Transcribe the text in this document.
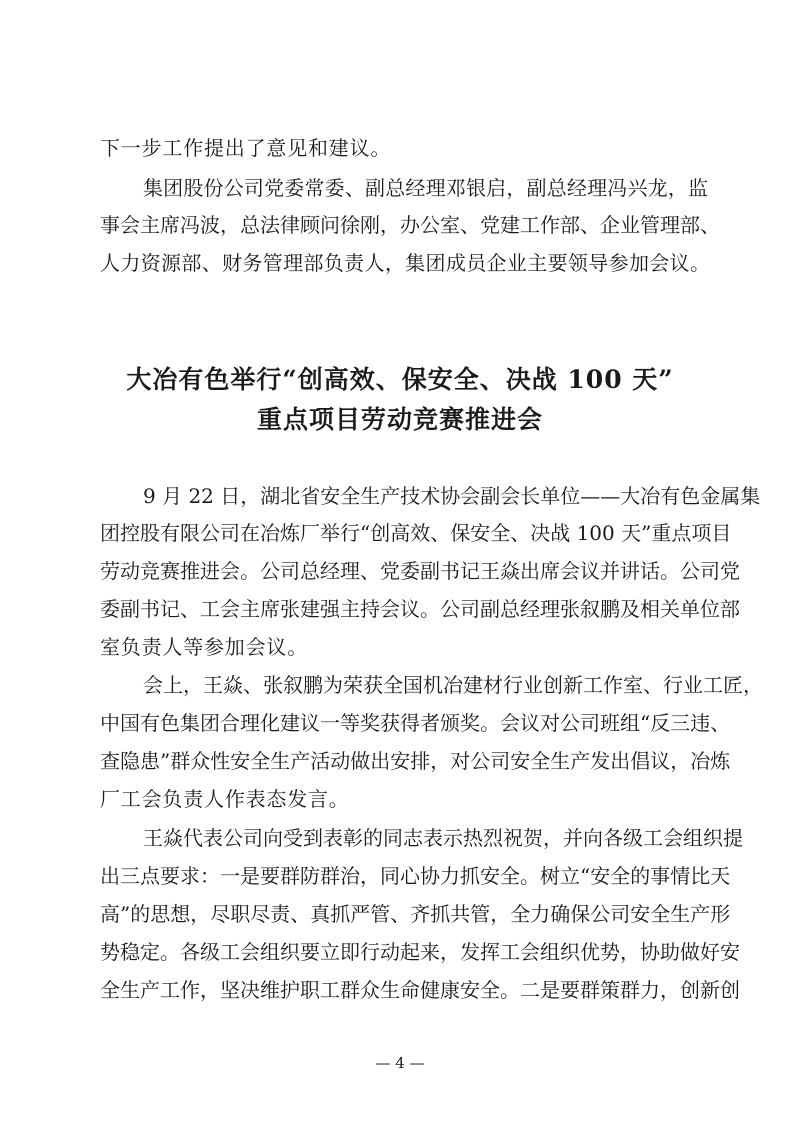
下一步工作提出了意见和建议。
集团股份公司党委常委、副总经理邓银启，副总经理冯兴龙，监
事会主席冯波，总法律顾问徐刚，办公室、党建工作部、企业管理部、
人力资源部、财务管理部负责人，集团成员企业主要领导参加会议。
大冶有色举行“创高效、保安全、决战 100 天”
重点项目劳动竞赛推进会
9 月 22 日，湖北省安全生产技术协会副会长单位——大冶有色金属集
团控股有限公司在冶炼厂举行“创高效、保安全、决战 100 天”重点项目
劳动竞赛推进会。公司总经理、党委副书记王焱出席会议并讲话。公司党
委副书记、工会主席张建强主持会议。公司副总经理张叙鹏及相关单位部
室负责人等参加会议。
会上，王焱、张叙鹏为荣获全国机冶建材行业创新工作室、行业工匠，
中国有色集团合理化建议一等奖获得者颁奖。会议对公司班组“反三违、
查隐患”群众性安全生产活动做出安排，对公司安全生产发出倡议，冶炼
厂工会负责人作表态发言。
王焱代表公司向受到表彰的同志表示热烈祝贺，并向各级工会组织提
出三点要求：一是要群防群治，同心协力抓安全。树立“安全的事情比天
高”的思想，尽职尽责、真抓严管、齐抓共管，全力确保公司安全生产形
势稳定。各级工会组织要立即行动起来，发挥工会组织优势，协助做好安
全生产工作，坚决维护职工群众生命健康安全。二是要群策群力，创新创
— 4 —
